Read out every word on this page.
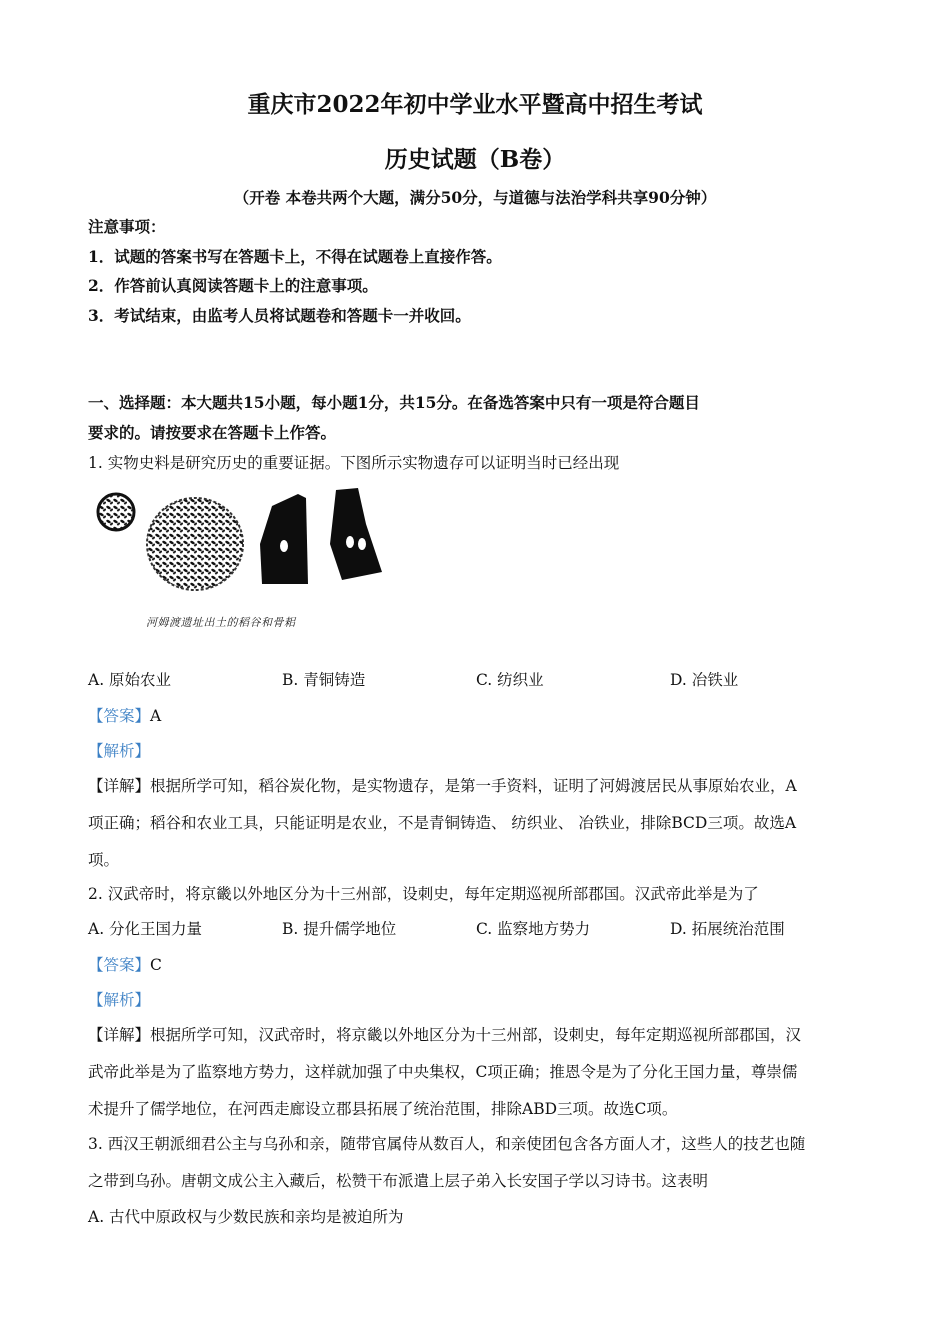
重庆市2022年初中学业水平暨高中招生考试
历史试题（B卷）
（开卷 本卷共两个大题，满分50分，与道德与法治学科共享90分钟）
注意事项：
1．试题的答案书写在答题卡上，不得在试题卷上直接作答。
2．作答前认真阅读答题卡上的注意事项。
3．考试结束，由监考人员将试题卷和答题卡一并收回。
一、选择题：本大题共15小题，每小题1分，共15分。在备选答案中只有一项是符合题目
要求的。请按要求在答题卡上作答。
1. 实物史料是研究历史的重要证据。下图所示实物遗存可以证明当时已经出现
河姆渡遗址出土的稻谷和骨耜
A. 原始农业	B. 青铜铸造	C. 纺织业	D. 冶铁业
【答案】A
【解析】
【详解】根据所学可知，稻谷炭化物，是实物遗存，是第一手资料，证明了河姆渡居民从事原始农业，A
项正确；稻谷和农业工具，只能证明是农业，不是青铜铸造、 纺织业、 冶铁业，排除BCD三项。故选A
项。
2. 汉武帝时，将京畿以外地区分为十三州部，设刺史，每年定期巡视所部郡国。汉武帝此举是为了
A. 分化王国力量	B. 提升儒学地位	C. 监察地方势力	D. 拓展统治范围
【答案】C
【解析】
【详解】根据所学可知，汉武帝时，将京畿以外地区分为十三州部，设刺史，每年定期巡视所部郡国，汉
武帝此举是为了监察地方势力，这样就加强了中央集权，C项正确；推恩令是为了分化王国力量，尊崇儒
术提升了儒学地位，在河西走廊设立郡县拓展了统治范围，排除ABD三项。故选C项。
3. 西汉王朝派细君公主与乌孙和亲，随带官属侍从数百人，和亲使团包含各方面人才，这些人的技艺也随
之带到乌孙。唐朝文成公主入藏后，松赞干布派遣上层子弟入长安国子学以习诗书。这表明
A. 古代中原政权与少数民族和亲均是被迫所为
